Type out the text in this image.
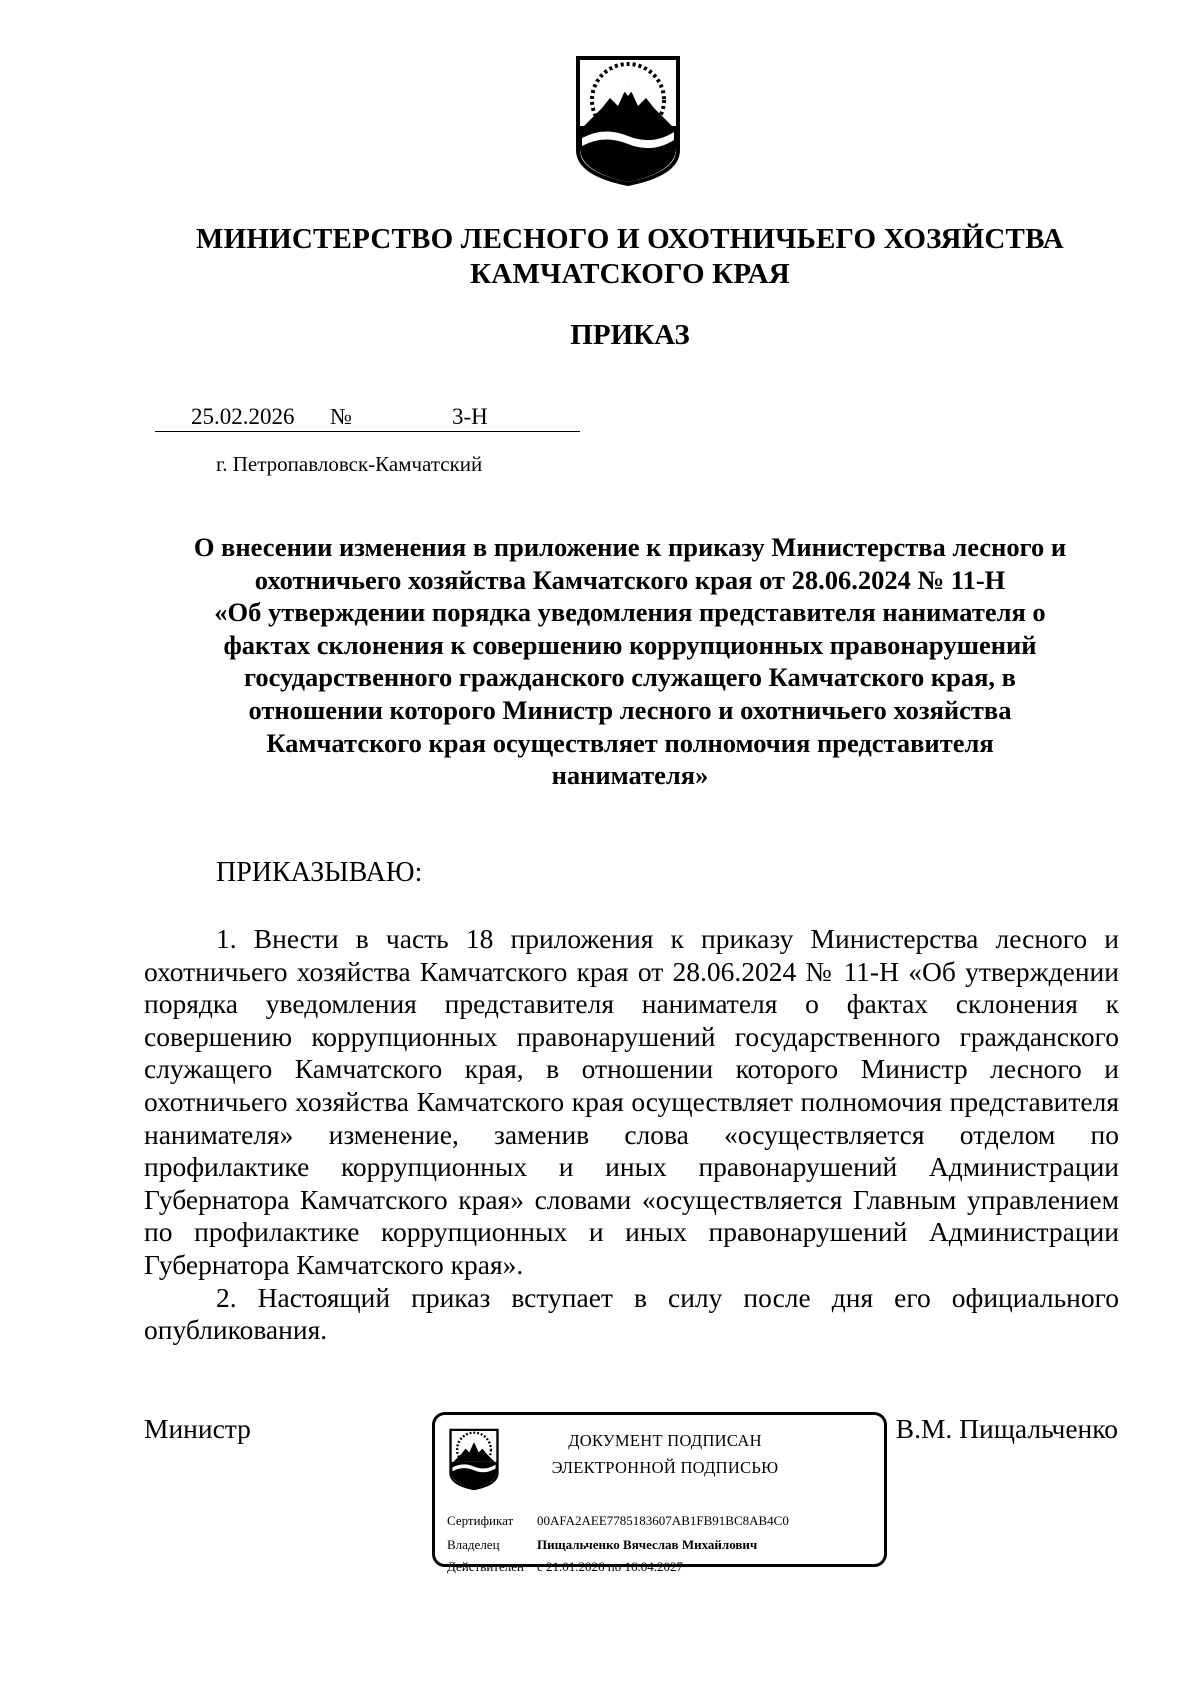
МИНИСТЕРСТВО ЛЕСНОГО И ОХОТНИЧЬЕГО ХОЗЯЙСТВА
КАМЧАТСКОГО КРАЯ
ПРИКАЗ
25.02.2026 №	3-Н
г. Петропавловск-Камчатский
О внесении изменения в приложение к приказу Министерства лесного и
охотничьего хозяйства Камчатского края от 28.06.2024 № 11-Н
«Об утверждении порядка уведомления представителя нанимателя о
фактах склонения к совершению коррупционных правонарушений
государственного гражданского служащего Камчатского края, в
отношении которого Министр лесного и охотничьего хозяйства
Камчатского края осуществляет полномочия представителя
нанимателя»
ПРИКАЗЫВАЮ:

1. Внести в часть 18 приложения к приказу Министерства лесного и охотничьего хозяйства Камчатского края от 28.06.2024 № 11-Н «Об утверждении порядка уведомления представителя нанимателя о фактах склонения к совершению коррупционных правонарушений государственного гражданского служащего Камчатского края, в отношении которого Министр лесного и охотничьего хозяйства Камчатского края осуществляет полномочия представителя нанимателя» изменение, заменив слова «осуществляется отделом по профилактике коррупционных и иных правонарушений Администрации Губернатора Камчатского края» словами «осуществляется Главным управлением по профилактике коррупционных и иных правонарушений Администрации Губернатора Камчатского края».

2. Настоящий приказ вступает в силу после дня его официального опубликования.

Министр	В.М. Пищальченко
ДОКУМЕНТ ПОДПИСАН
ЭЛЕКТРОННОЙ ПОДПИСЬЮ
Сертификат 00AFA2AEE7785183607AB1FB91BC8AB4C0
Владелец	Пищальченко Вячеслав Михайлович
Действителен с 21.01.2026 по 16.04.2027
